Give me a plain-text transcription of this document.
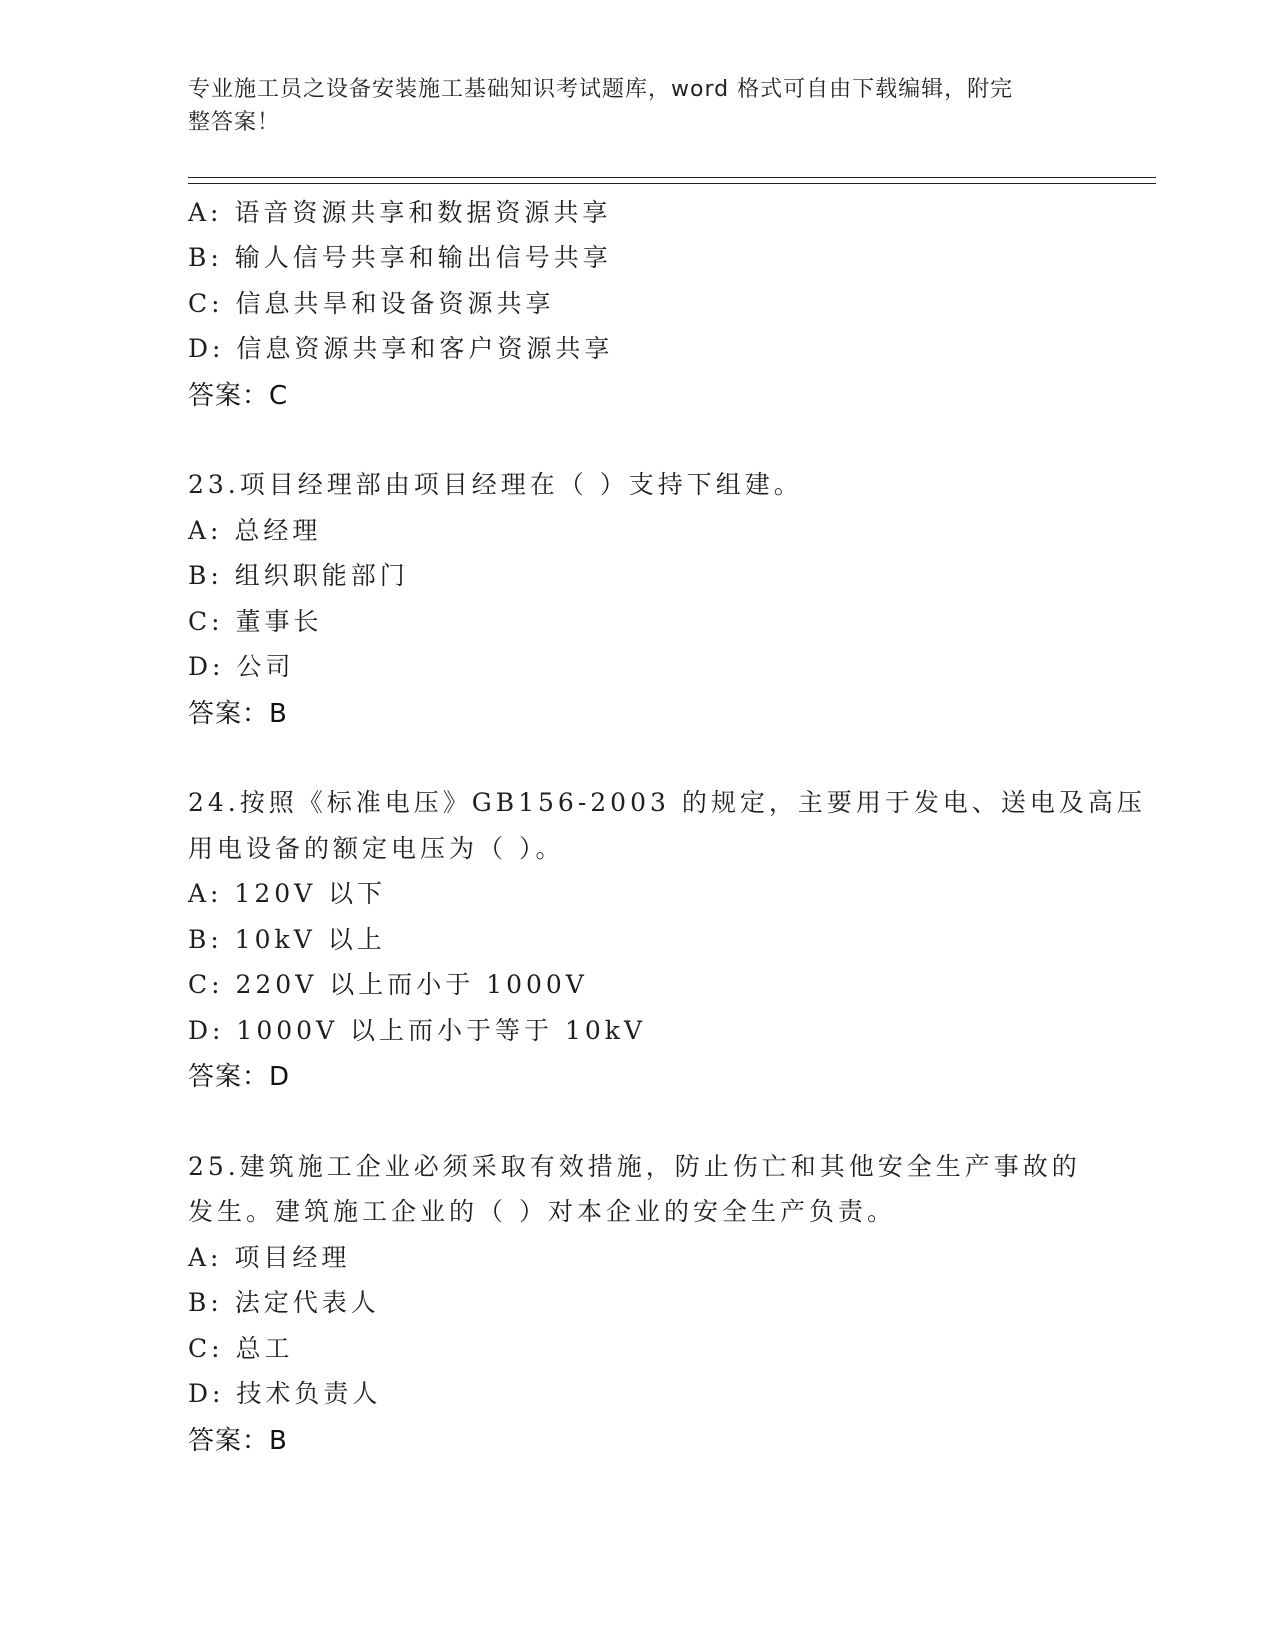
专业施工员之设备安装施工基础知识考试题库，word 格式可自由下载编辑，附完
整答案！
A: 语音资源共享和数据资源共享
B: 输人信号共享和输出信号共享
C: 信息共旱和设备资源共享
D: 信息资源共享和客户资源共享
答案：C
23.项目经理部由项目经理在（ ）支持下组建。
A: 总经理
B: 组织职能部门
C: 董事长
D: 公司
答案：B
24.按照《标准电压》GB156-2003 的规定，主要用于发电、送电及高压
用电设备的额定电压为（ ）。
A: 120V 以下
B: 10kV 以上
C: 220V 以上而小于 1000V
D: 1000V 以上而小于等于 10kV
答案：D
25.建筑施工企业必须采取有效措施，防止伤亡和其他安全生产事故的
发生。建筑施工企业的（ ）对本企业的安全生产负责。
A: 项目经理
B: 法定代表人
C: 总工
D: 技术负责人
答案：B
